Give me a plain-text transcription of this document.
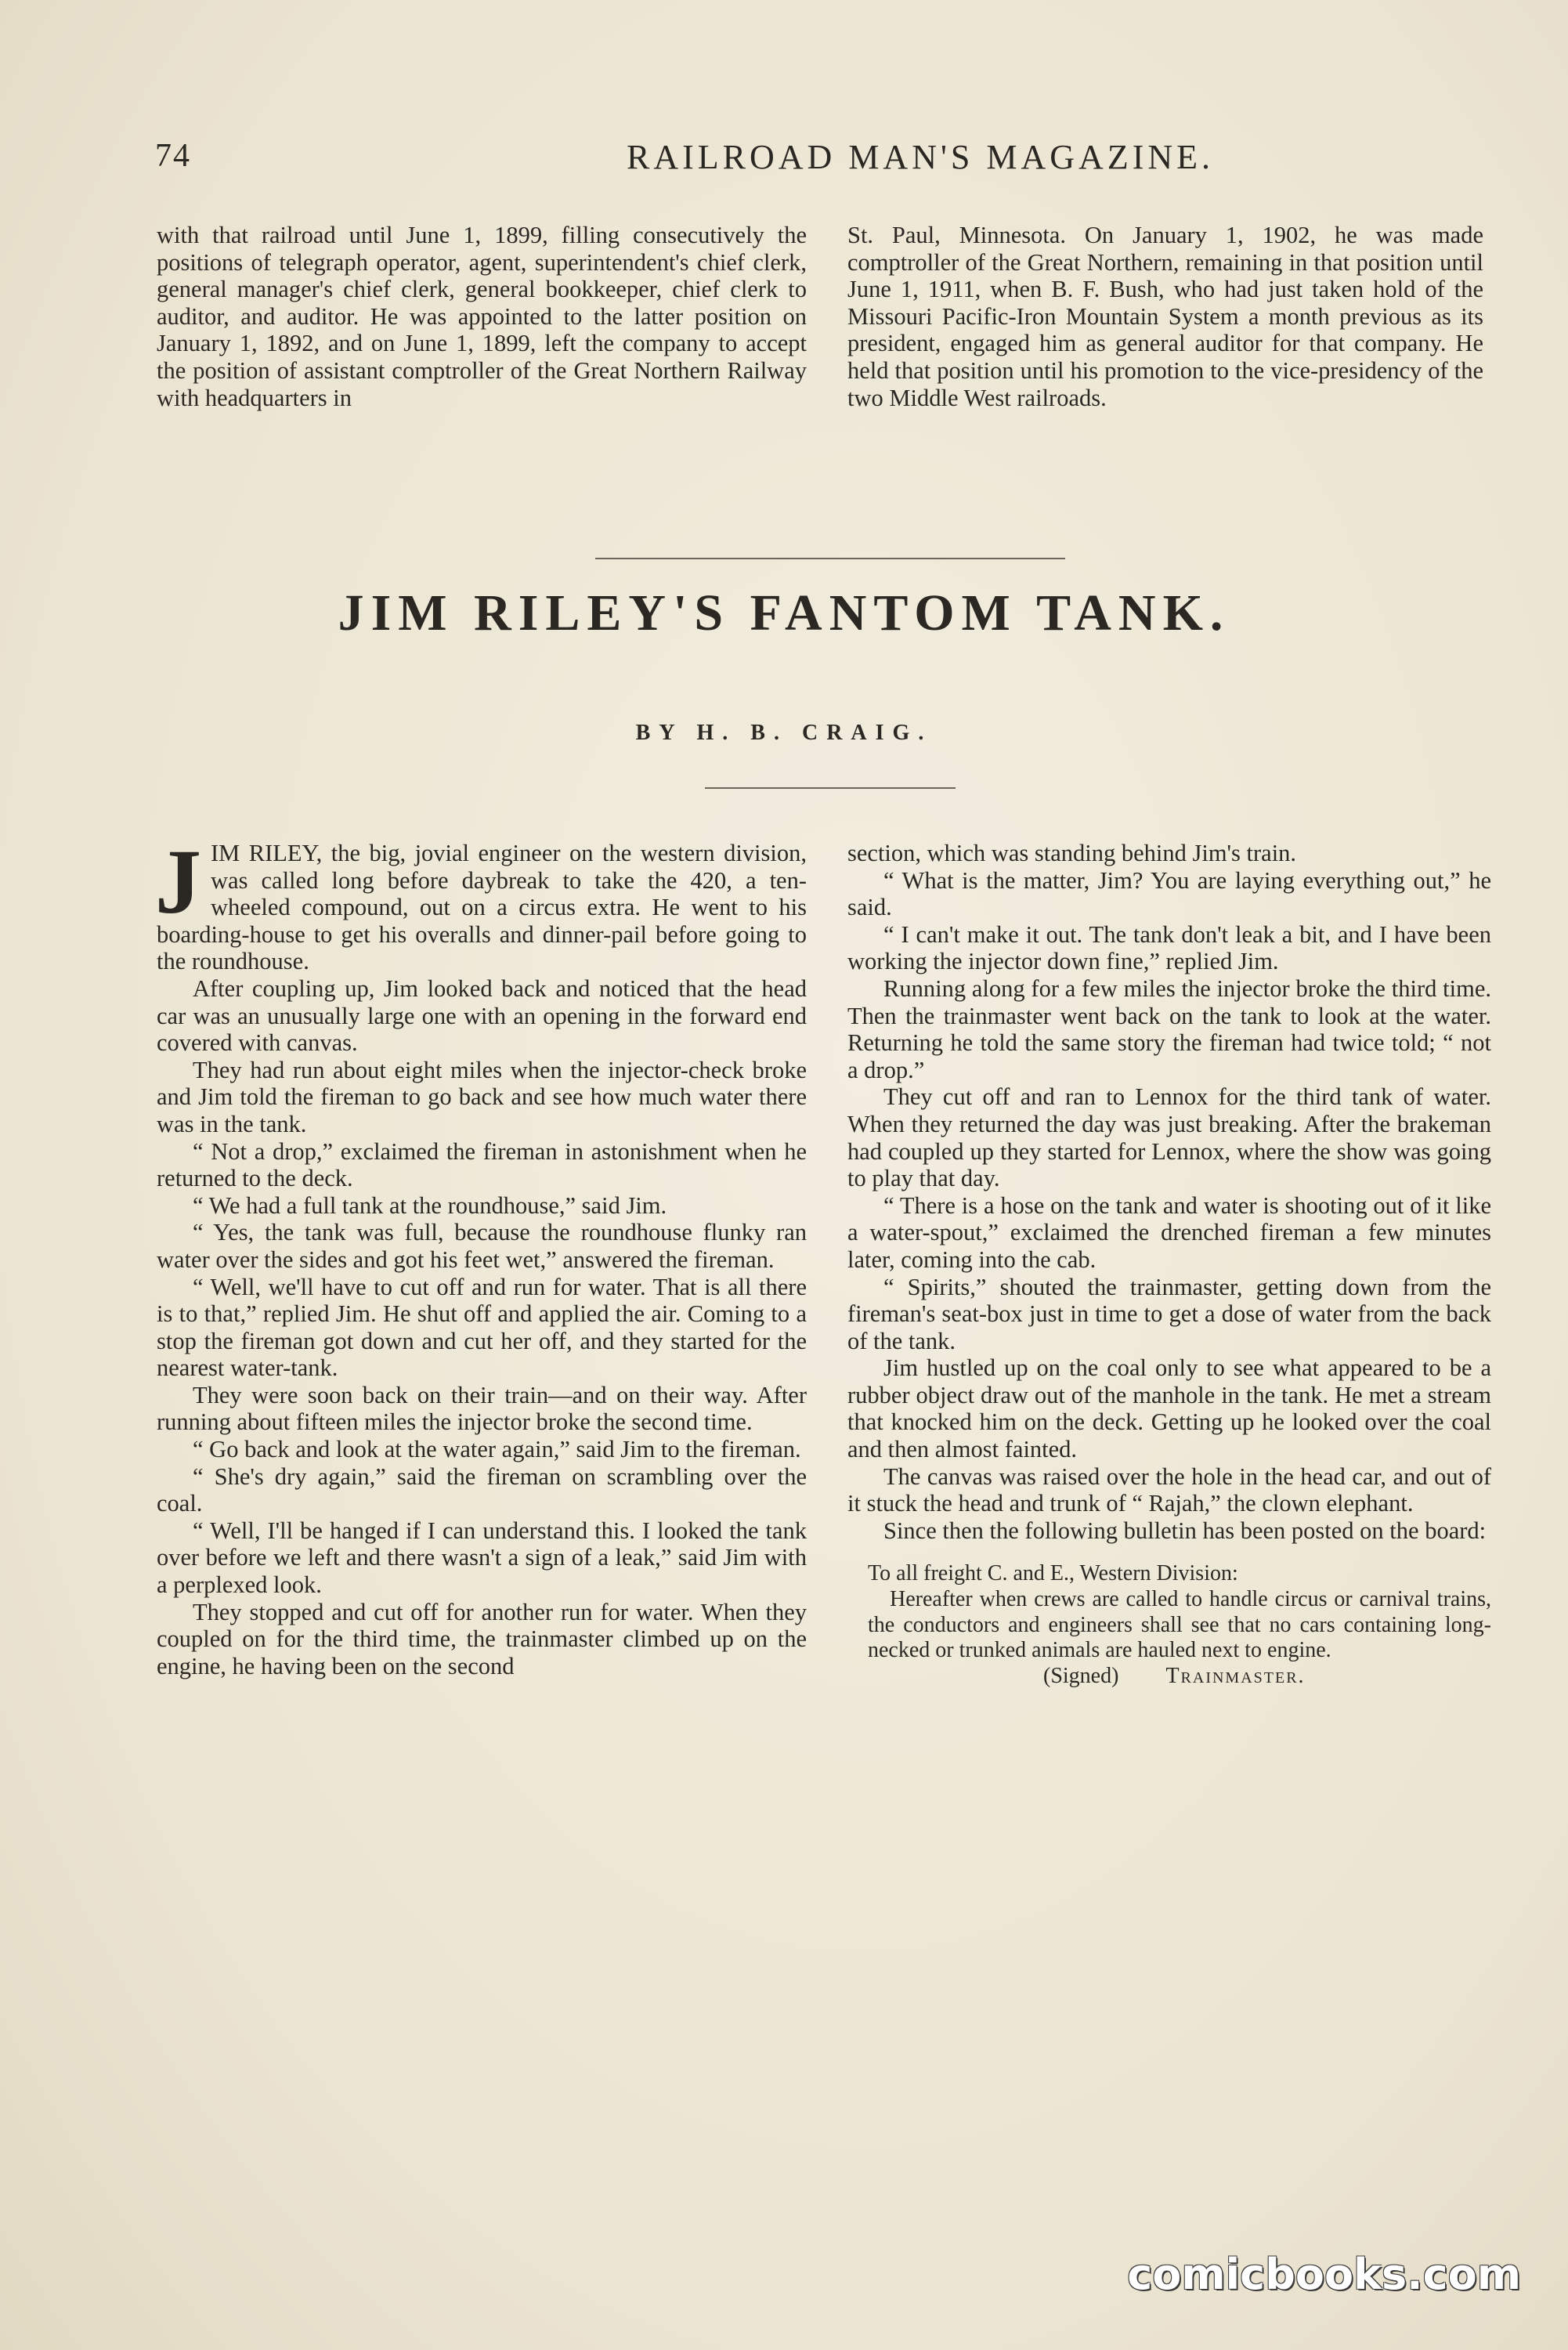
74	RAILROAD MAN'S MAGAZINE.

with that railroad until June 1, 1899, filling consecutively the positions of telegraph operator, agent, superintendent's chief clerk, general manager's chief clerk, general bookkeeper, chief clerk to auditor, and auditor. He was appointed to the latter position on January 1, 1892, and on June 1, 1899, left the company to accept the position of assistant comptroller of the Great Northern Railway with headquarters in

St. Paul, Minnesota. On January 1, 1902, he was made comptroller of the Great Northern, remaining in that position until June 1, 1911, when B. F. Bush, who had just taken hold of the Missouri Pacific-Iron Mountain System a month previous as its president, engaged him as general auditor for that company. He held that position until his promotion to the vice-presidency of the two Middle West railroads.

JIM RILEY'S FANTOM TANK.
BY H. B. CRAIG.

JIM RILEY, the big, jovial engineer on the western division, was called long before daybreak to take the 420, a ten-wheeled compound, out on a circus extra. He went to his boarding-house to get his overalls and dinner-pail before going to the roundhouse.

After coupling up, Jim looked back and noticed that the head car was an unusually large one with an opening in the forward end covered with canvas.

They had run about eight miles when the injector-check broke and Jim told the fireman to go back and see how much water there was in the tank.

“ Not a drop,” exclaimed the fireman in astonishment when he returned to the deck.

“ We had a full tank at the roundhouse,” said Jim.

“ Yes, the tank was full, because the roundhouse flunky ran water over the sides and got his feet wet,” answered the fireman.

“ Well, we'll have to cut off and run for water. That is all there is to that,” replied Jim. He shut off and applied the air. Coming to a stop the fireman got down and cut her off, and they started for the nearest water-tank.

They were soon back on their train—and on their way. After running about fifteen miles the injector broke the second time.

“ Go back and look at the water again,” said Jim to the fireman.

“ She's dry again,” said the fireman on scrambling over the coal.

“ Well, I'll be hanged if I can understand this. I looked the tank over before we left and there wasn't a sign of a leak,” said Jim with a perplexed look.

They stopped and cut off for another run for water. When they coupled on for the third time, the trainmaster climbed up on the engine, he having been on the second

section, which was standing behind Jim's train.

“ What is the matter, Jim? You are laying everything out,” he said.

“ I can't make it out. The tank don't leak a bit, and I have been working the injector down fine,” replied Jim.

Running along for a few miles the injector broke the third time. Then the trainmaster went back on the tank to look at the water. Returning he told the same story the fireman had twice told; “ not a drop.”

They cut off and ran to Lennox for the third tank of water. When they returned the day was just breaking. After the brakeman had coupled up they started for Lennox, where the show was going to play that day.

“ There is a hose on the tank and water is shooting out of it like a water-spout,” exclaimed the drenched fireman a few minutes later, coming into the cab.

“ Spirits,” shouted the trainmaster, getting down from the fireman's seat-box just in time to get a dose of water from the back of the tank.

Jim hustled up on the coal only to see what appeared to be a rubber object draw out of the manhole in the tank. He met a stream that knocked him on the deck. Getting up he looked over the coal and then almost fainted.

The canvas was raised over the hole in the head car, and out of it stuck the head and trunk of “ Rajah,” the clown elephant.

Since then the following bulletin has been posted on the board:

To all freight C. and E., Western Division:

Hereafter when crews are called to handle circus or carnival trains, the conductors and engineers shall see that no cars containing long-necked or trunked animals are hauled next to engine.

(Signed) Trainmaster.

comicbooks.com
